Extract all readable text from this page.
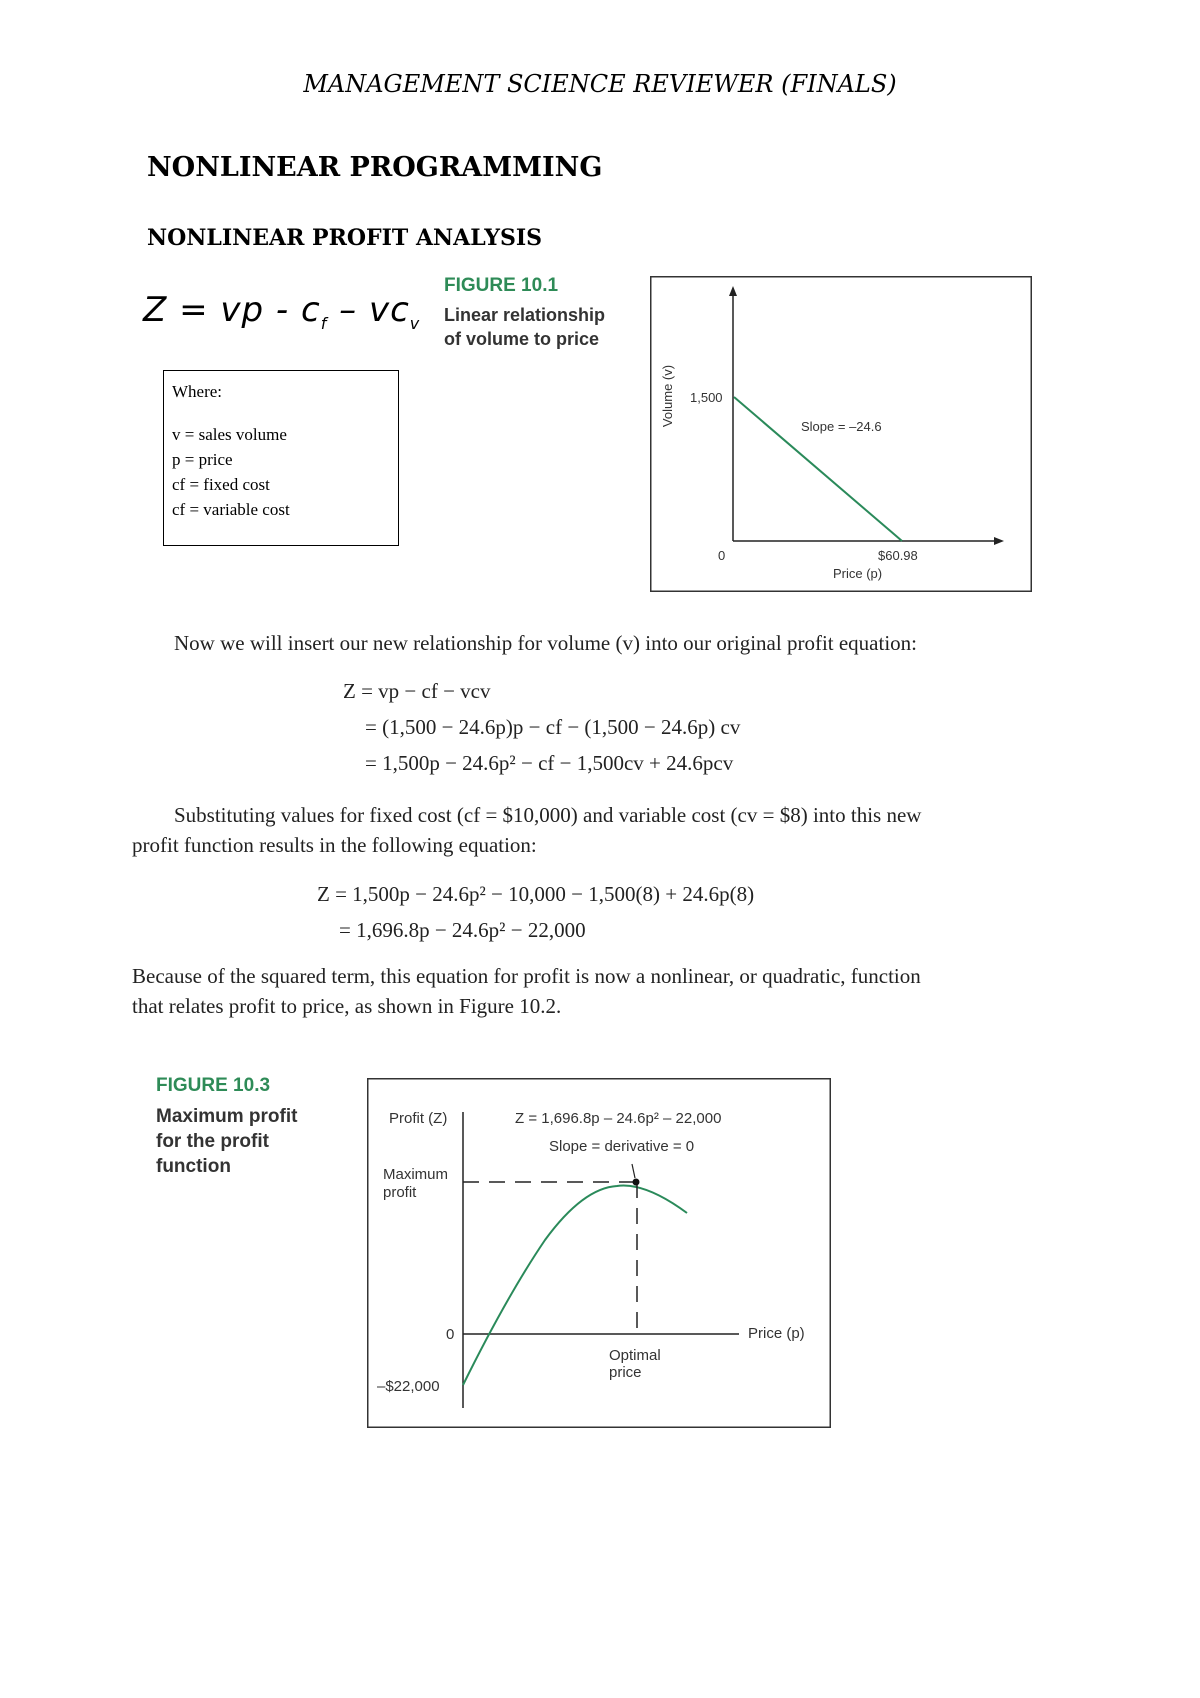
MANAGEMENT SCIENCE REVIEWER (FINALS)
NONLINEAR PROGRAMMING
NONLINEAR PROFIT ANALYSIS
Z = vp - $c_f - vc_v$
FIGURE 10.1
Linear relationship
of volume to price
Where:
v = sales volume
p = price
cf = fixed cost
cf = variable cost
Volume (v) 1,500
0	$60.98
Price (p)
Slope = –24.6
Now we will insert our new relationship for volume (v) into our original profit equation:
Z = vp − cf − vcv
= (1,500 − 24.6p)p − cf − (1,500 − 24.6p) cv
= 1,500p − 24.6p² − cf − 1,500cv + 24.6pcv
Substituting values for fixed cost (cf = $10,000) and variable cost (cv = $8) into this new
profit function results in the following equation:
Z = 1,500p − 24.6p² − 10,000 − 1,500(8) + 24.6p(8)
= 1,696.8p − 24.6p² − 22,000
Because of the squared term, this equation for profit is now a nonlinear, or quadratic, function
that relates profit to price, as shown in Figure 10.2.
FIGURE 10.3
Maximum profit
for the profit
function
Profit (Z)	Z = 1,696.8p – 24.6p² – 22,000
Slope = derivative = 0
Maximum
profit
0
–$22,000
Price (p)
Optimal
price
